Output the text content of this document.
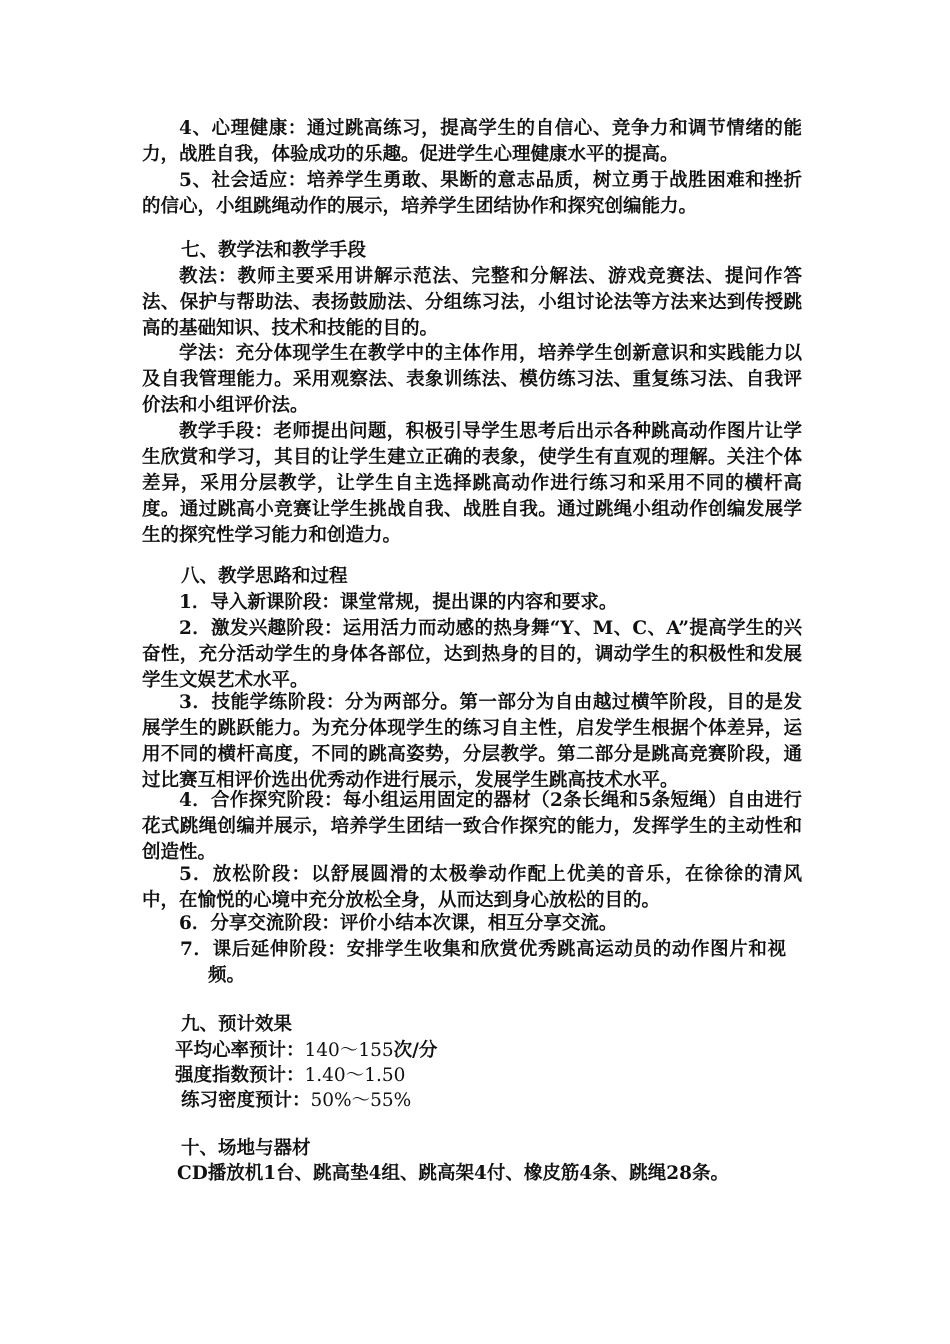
4、心理健康：通过跳高练习，提高学生的自信心、竞争力和调节情绪的能力，战胜自我，体验成功的乐趣。促进学生心理健康水平的提高。

5、社会适应：培养学生勇敢、果断的意志品质，树立勇于战胜困难和挫折的信心，小组跳绳动作的展示，培养学生团结协作和探究创编能力。

七、教学法和教学手段

教法：教师主要采用讲解示范法、完整和分解法、游戏竞赛法、提问作答法、保护与帮助法、表扬鼓励法、分组练习法，小组讨论法等方法来达到传授跳高的基础知识、技术和技能的目的。

学法：充分体现学生在教学中的主体作用，培养学生创新意识和实践能力以及自我管理能力。采用观察法、表象训练法、模仿练习法、重复练习法、自我评价法和小组评价法。

教学手段：老师提出问题，积极引导学生思考后出示各种跳高动作图片让学生欣赏和学习，其目的让学生建立正确的表象，使学生有直观的理解。关注个体差异，采用分层教学，让学生自主选择跳高动作进行练习和采用不同的横杆高度。通过跳高小竞赛让学生挑战自我、战胜自我。通过跳绳小组动作创编发展学生的探究性学习能力和创造力。

八、教学思路和过程

1．导入新课阶段：课堂常规，提出课的内容和要求。

2．激发兴趣阶段：运用活力而动感的热身舞“Y、M、C、A”提高学生的兴奋性，充分活动学生的身体各部位，达到热身的目的，调动学生的积极性和发展学生文娱艺术水平。

3．技能学练阶段：分为两部分。第一部分为自由越过横竿阶段，目的是发展学生的跳跃能力。为充分体现学生的练习自主性，启发学生根据个体差异，运用不同的横杆高度，不同的跳高姿势，分层教学。第二部分是跳高竞赛阶段，通过比赛互相评价选出优秀动作进行展示，发展学生跳高技术水平。

4．合作探究阶段：每小组运用固定的器材（2条长绳和5条短绳）自由进行花式跳绳创编并展示，培养学生团结一致合作探究的能力，发挥学生的主动性和创造性。

5．放松阶段：以舒展圆滑的太极拳动作配上优美的音乐，在徐徐的清风中，在愉悦的心境中充分放松全身，从而达到身心放松的目的。

6．分享交流阶段：评价小结本次课，相互分享交流。

7．课后延伸阶段：安排学生收集和欣赏优秀跳高运动员的动作图片和视频。

九、预计效果

平均心率预计：140～155次/分

强度指数预计：1.40～1.50

练习密度预计：50%～55%

十、场地与器材

CD播放机1台、跳高垫4组、跳高架4付、橡皮筋4条、跳绳28条。
